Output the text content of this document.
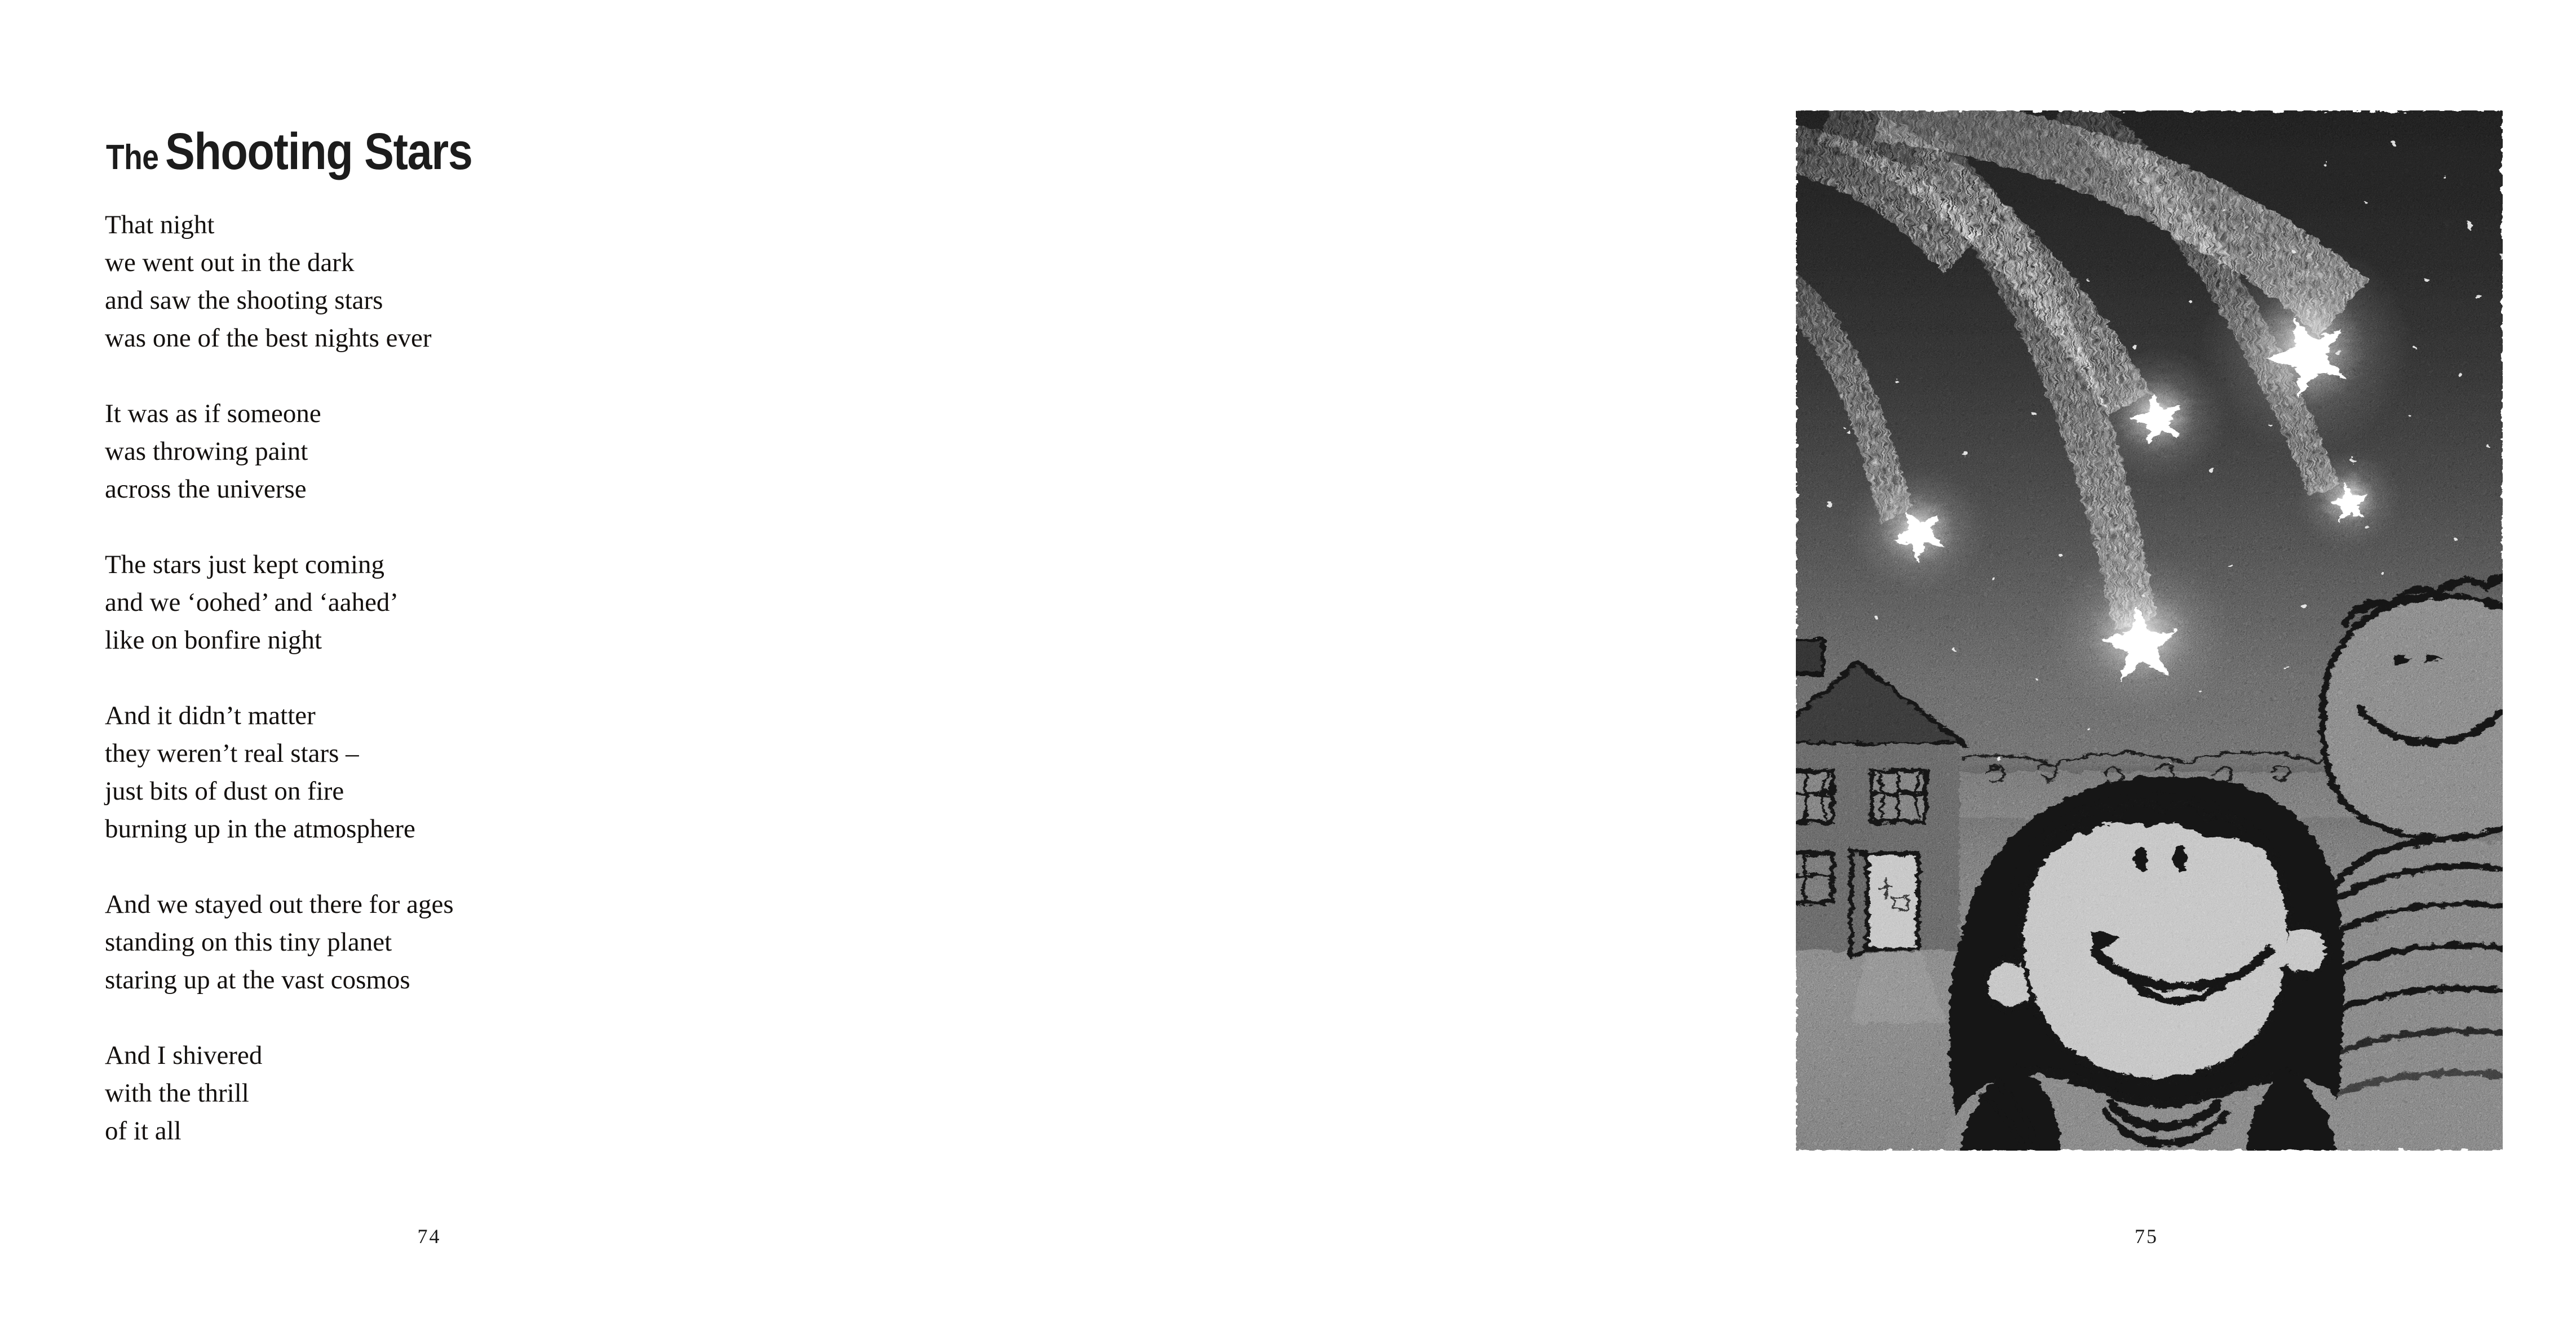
The Shooting Stars

That night
we went out in the dark
and saw the shooting stars
was one of the best nights ever

It was as if someone
was throwing paint
across the universe

The stars just kept coming
and we ‘oohed’ and ‘aahed’
like on bonfire night

And it didn’t matter
they weren’t real stars –
just bits of dust on fire
burning up in the atmosphere

And we stayed out there for ages
standing on this tiny planet
staring up at the vast cosmos

And I shivered
with the thrill
of it all

74	75
